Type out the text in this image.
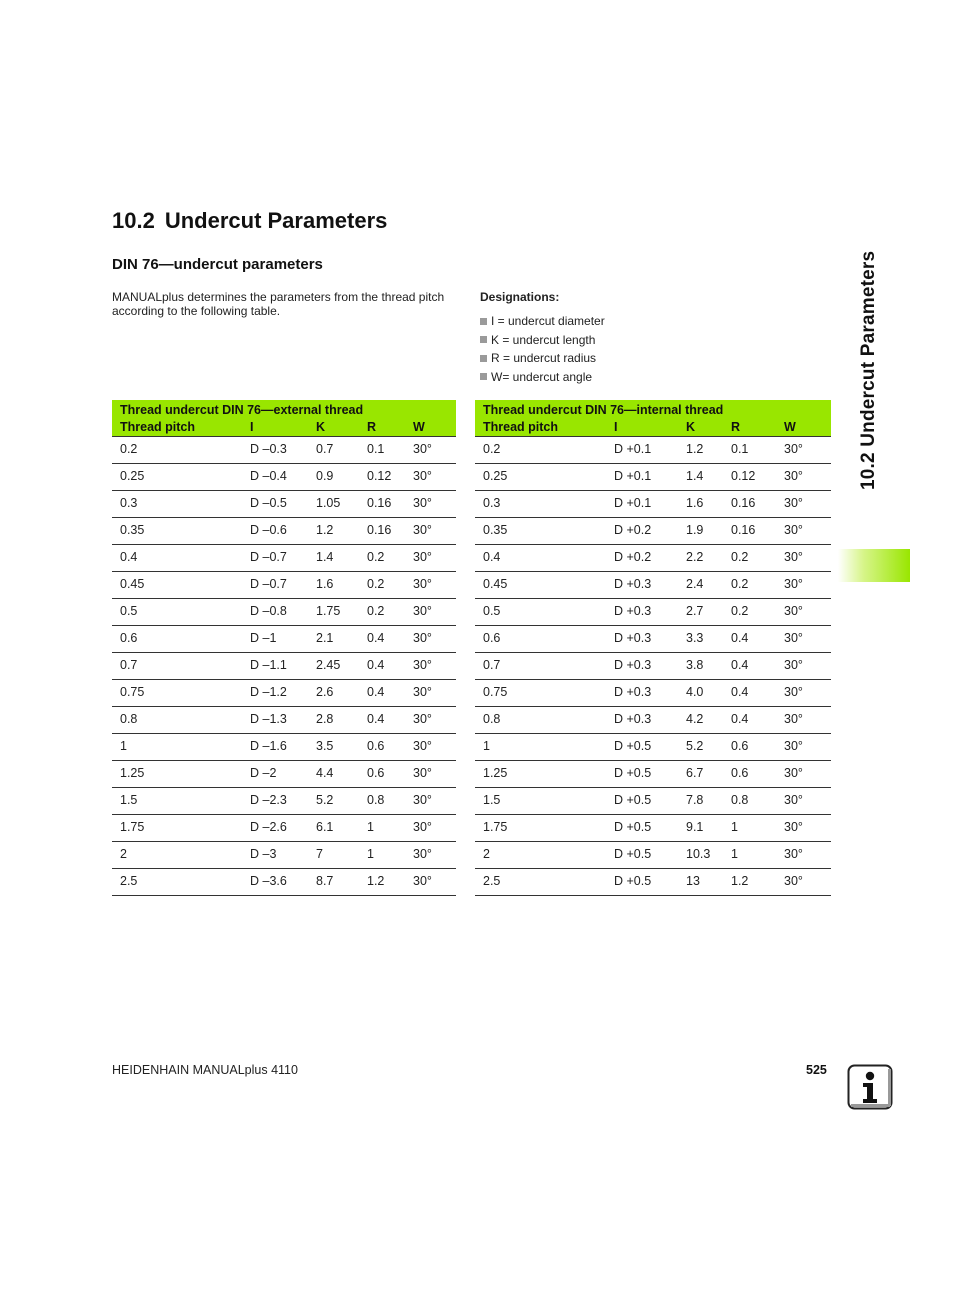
10.2 Undercut Parameters
DIN 76—undercut parameters

MANUALplus determines the parameters from the thread pitch according to the following table.

Designations:

I = undercut diameter
K = undercut length
R = undercut radius
W= undercut angle
Thread undercut DIN 76—external thread				
Thread pitch	I	K	R	W
0.2	D –0.3	0.7	0.1	30°
0.25	D –0.4	0.9	0.12	30°
0.3	D –0.5	1.05	0.16	30°
0.35	D –0.6	1.2	0.16	30°
0.4	D –0.7	1.4	0.2	30°
0.45	D –0.7	1.6	0.2	30°
0.5	D –0.8	1.75	0.2	30°
0.6	D –1	2.1	0.4	30°
0.7	D –1.1	2.45	0.4	30°
0.75	D –1.2	2.6	0.4	30°
0.8	D –1.3	2.8	0.4	30°
1	D –1.6	3.5	0.6	30°
1.25	D –2	4.4	0.6	30°
1.5	D –2.3	5.2	0.8	30°
1.75	D –2.6	6.1	1	30°
2	D –3	7	1	30°
2.5	D –3.6	8.7	1.2	30°
Thread undercut DIN 76—internal thread				
Thread pitch	I	K	R	W
0.2	D +0.1	1.2	0.1	30°
0.25	D +0.1	1.4	0.12	30°
0.3	D +0.1	1.6	0.16	30°
0.35	D +0.2	1.9	0.16	30°
0.4	D +0.2	2.2	0.2	30°
0.45	D +0.3	2.4	0.2	30°
0.5	D +0.3	2.7	0.2	30°
0.6	D +0.3	3.3	0.4	30°
0.7	D +0.3	3.8	0.4	30°
0.75	D +0.3	4.0	0.4	30°
0.8	D +0.3	4.2	0.4	30°
1	D +0.5	5.2	0.6	30°
1.25	D +0.5	6.7	0.6	30°
1.5	D +0.5	7.8	0.8	30°
1.75	D +0.5	9.1	1	30°
2	D +0.5	10.3	1	30°
2.5	D +0.5	13	1.2	30°
10.2 Undercut Parameters
HEIDENHAIN MANUALplus 4110	525
